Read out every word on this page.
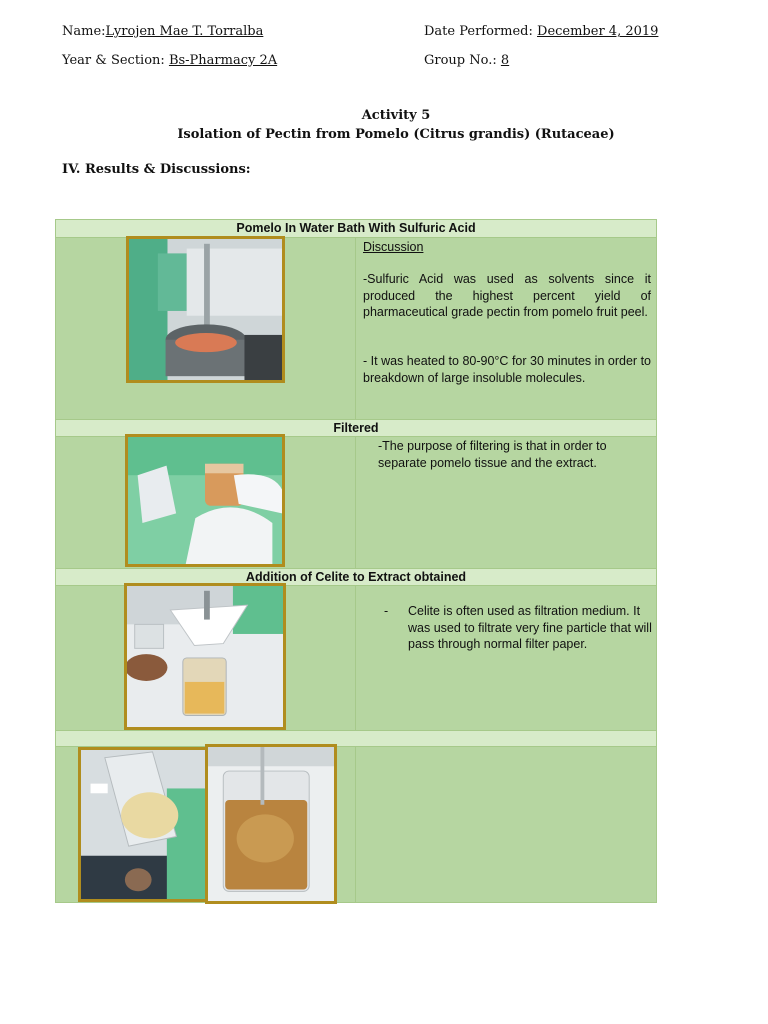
Name:Lyrojen Mae T. Torralba	Date Performed: December 4, 2019
Year & Section: Bs-Pharmacy 2A	Group No.: 8
Activity 5
Isolation of Pectin from Pomelo (Citrus grandis) (Rutaceae)
IV. Results & Discussions:
Pomelo In Water Bath With Sulfuric Acid
Discussion
-Sulfuric Acid was used as solvents since it produced the highest percent yield of pharmaceutical grade pectin from pomelo fruit peel.
- It was heated to 80-90°C for 30 minutes in order to breakdown of large insoluble molecules.
Filtered
-The purpose of filtering is that in order to separate pomelo tissue and the extract.
Addition of Celite to Extract obtained
- Celite is often used as filtration medium. It was used to filtrate very fine particle that will pass through normal filter paper.
